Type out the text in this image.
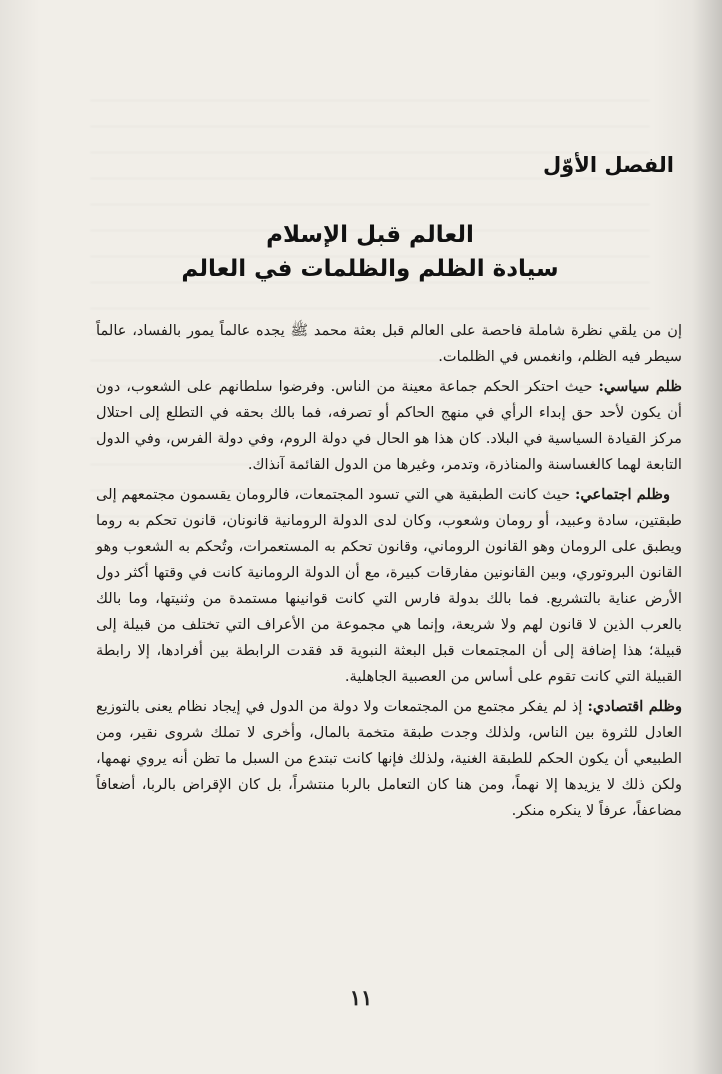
الفصل الأوّل
العالم قبل الإسلام
سيادة الظلم والظلمات في العالم

إن من يلقي نظرة شاملة فاحصة على العالم قبل بعثة محمد ﷺ يجده عالماً يمور بالفساد، عالماً سيطر فيه الظلم، وانغمس في الظلمات.

ظلم سياسي: حيث احتكر الحكم جماعة معينة من الناس. وفرضوا سلطانهم على الشعوب، دون أن يكون لأحد حق إبداء الرأي في منهج الحاكم أو تصرفه، فما بالك بحقه في التطلع إلى احتلال مركز القيادة السياسية في البلاد. كان هذا هو الحال في دولة الروم، وفي دولة الفرس، وفي الدول التابعة لهما كالغساسنة والمناذرة، وتدمر، وغيرها من الدول القائمة آنذاك.

وظلم اجتماعي: حيث كانت الطبقية هي التي تسود المجتمعات، فالرومان يقسمون مجتمعهم إلى طبقتين، سادة وعبيد، أو رومان وشعوب، وكان لدى الدولة الرومانية قانونان، قانون تحكم به روما ويطبق على الرومان وهو القانون الروماني، وقانون تحكم به المستعمرات، وتُحكم به الشعوب وهو القانون البروتوري، وبين القانونين مفارقات كبيرة، مع أن الدولة الرومانية كانت في وقتها أكثر دول الأرض عناية بالتشريع. فما بالك بدولة فارس التي كانت قوانينها مستمدة من وثنيتها، وما بالك بالعرب الذين لا قانون لهم ولا شريعة، وإنما هي مجموعة من الأعراف التي تختلف من قبيلة إلى قبيلة؛ هذا إضافة إلى أن المجتمعات قبل البعثة النبوية قد فقدت الرابطة بين أفرادها، إلا رابطة القبيلة التي كانت تقوم على أساس من العصبية الجاهلية.

وظلم اقتصادي: إذ لم يفكر مجتمع من المجتمعات ولا دولة من الدول في إيجاد نظام يعنى بالتوزيع العادل للثروة بين الناس، ولذلك وجدت طبقة متخمة بالمال، وأخرى لا تملك شروى نقير، ومن الطبيعي أن يكون الحكم للطبقة الغنية، ولذلك فإنها كانت تبتدع من السبل ما تظن أنه يروي نهمها، ولكن ذلك لا يزيدها إلا نهماً، ومن هنا كان التعامل بالربا منتشراً، بل كان الإقراض بالربا، أضعافاً مضاعفاً، عرفاً لا ينكره منكر.

١١
